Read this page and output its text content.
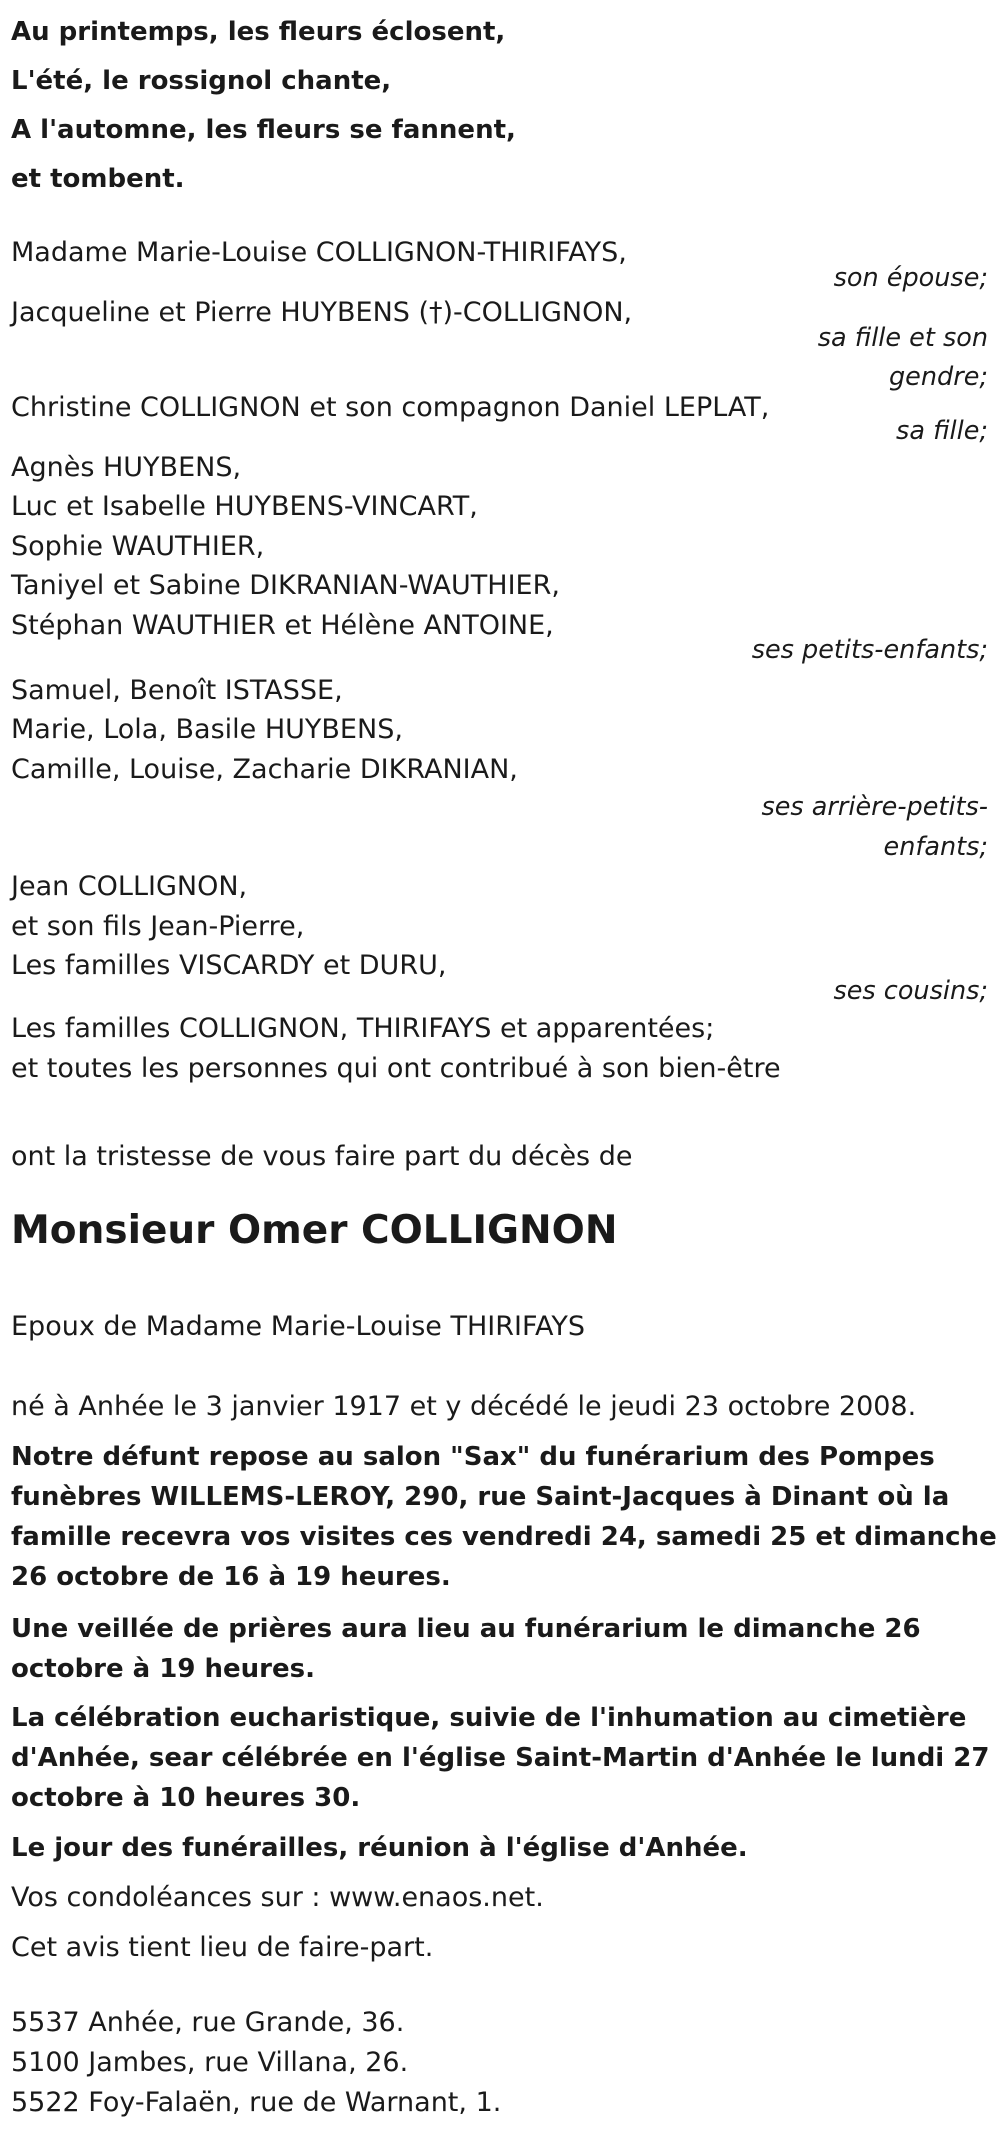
Au printemps, les fleurs éclosent,
L'été, le rossignol chante,
A l'automne, les fleurs se fannent,
et tombent.
Madame Marie-Louise COLLIGNON-THIRIFAYS,
son épouse;
Jacqueline et Pierre HUYBENS (†)-COLLIGNON,
sa fille et son
gendre;
Christine COLLIGNON et son compagnon Daniel LEPLAT,
sa fille;
Agnès HUYBENS,
Luc et Isabelle HUYBENS-VINCART,
Sophie WAUTHIER,
Taniyel et Sabine DIKRANIAN-WAUTHIER,
Stéphan WAUTHIER et Hélène ANTOINE,
ses petits-enfants;
Samuel, Benoît ISTASSE,
Marie, Lola, Basile HUYBENS,
Camille, Louise, Zacharie DIKRANIAN,
ses arrière-petits-
enfants;
Jean COLLIGNON,
et son fils Jean-Pierre,
Les familles VISCARDY et DURU,
ses cousins;
Les familles COLLIGNON, THIRIFAYS et apparentées;
et toutes les personnes qui ont contribué à son bien-être
ont la tristesse de vous faire part du décès de
Monsieur Omer COLLIGNON
Epoux de Madame Marie-Louise THIRIFAYS
né à Anhée le 3 janvier 1917 et y décédé le jeudi 23 octobre 2008.
Notre défunt repose au salon "Sax" du funérarium des Pompes funèbres WILLEMS-LEROY, 290, rue Saint-Jacques à Dinant où la famille recevra vos visites ces vendredi 24, samedi 25 et dimanche 26 octobre de 16 à 19 heures.
Une veillée de prières aura lieu au funérarium le dimanche 26 octobre à 19 heures.
La célébration eucharistique, suivie de l'inhumation au cimetière d'Anhée, sear célébrée en l'église Saint-Martin d'Anhée le lundi 27 octobre à 10 heures 30.
Le jour des funérailles, réunion à l'église d'Anhée.
Vos condoléances sur : www.enaos.net.
Cet avis tient lieu de faire-part.
5537 Anhée, rue Grande, 36.
5100 Jambes, rue Villana, 26.
5522 Foy-Falaën, rue de Warnant, 1.
